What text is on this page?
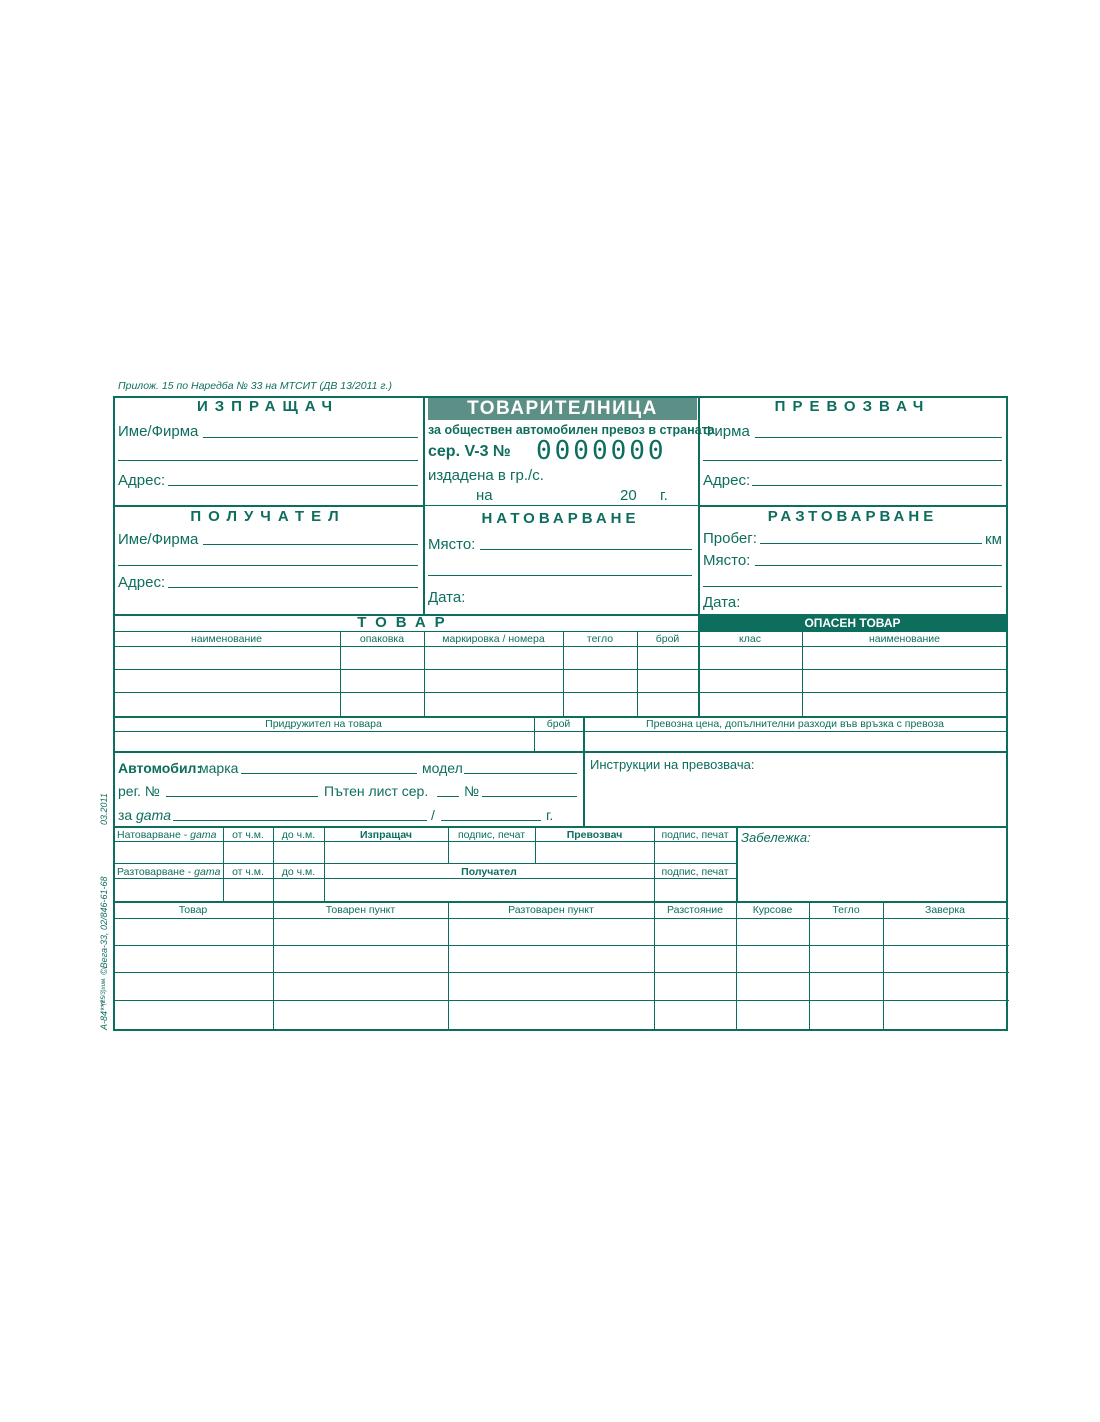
Прилож. 15 по Наредба № 33 на МТСИТ (ДВ 13/2011 г.)
ИЗПРАЩАЧ
Име/Фирма
Адрес:
ТОВАРИТЕЛНИЦА
за обществен автомобилен превоз в страната
сер. V-3 № 0000000
издадена в гр./с.
на	20 г.
ПРЕВОЗВАЧ
Фирма
Адрес:
ПОЛУЧАТЕЛ
Име/Фирма
Адрес:
НАТОВАРВАНЕ
Място:
Дата:
РАЗТОВАРВАНЕ
Пробег:	км
Място:
Дата:
ТОВАР	ОПАСЕН ТОВАР
наименование	опаковка	маркировка / номера	тегло	брой	клас	наименование
Придружител на товара	брой	Превозна цена, допълнителни разходи във връзка с превоза
Автомобил:
марка	модел
рег. №	Пътен лист сер.	№
за gama	/	г.
Инструкции на превозвача:
Натоварване - gama	от ч.м.	до ч.м.	Изпращач	подпис, печат	Превозвач	подпис, печат
Разтоварване - gama	от ч.м.	до ч.м.	Получател	подпис, печат
Забележка:
Товар	Товарен пункт	Разтоварен пункт	Разстояние	Курсове	Тегло	Заверка
03.2011
©Вега-33, 02/846-61-68
(25/3)хим.
A-84***
